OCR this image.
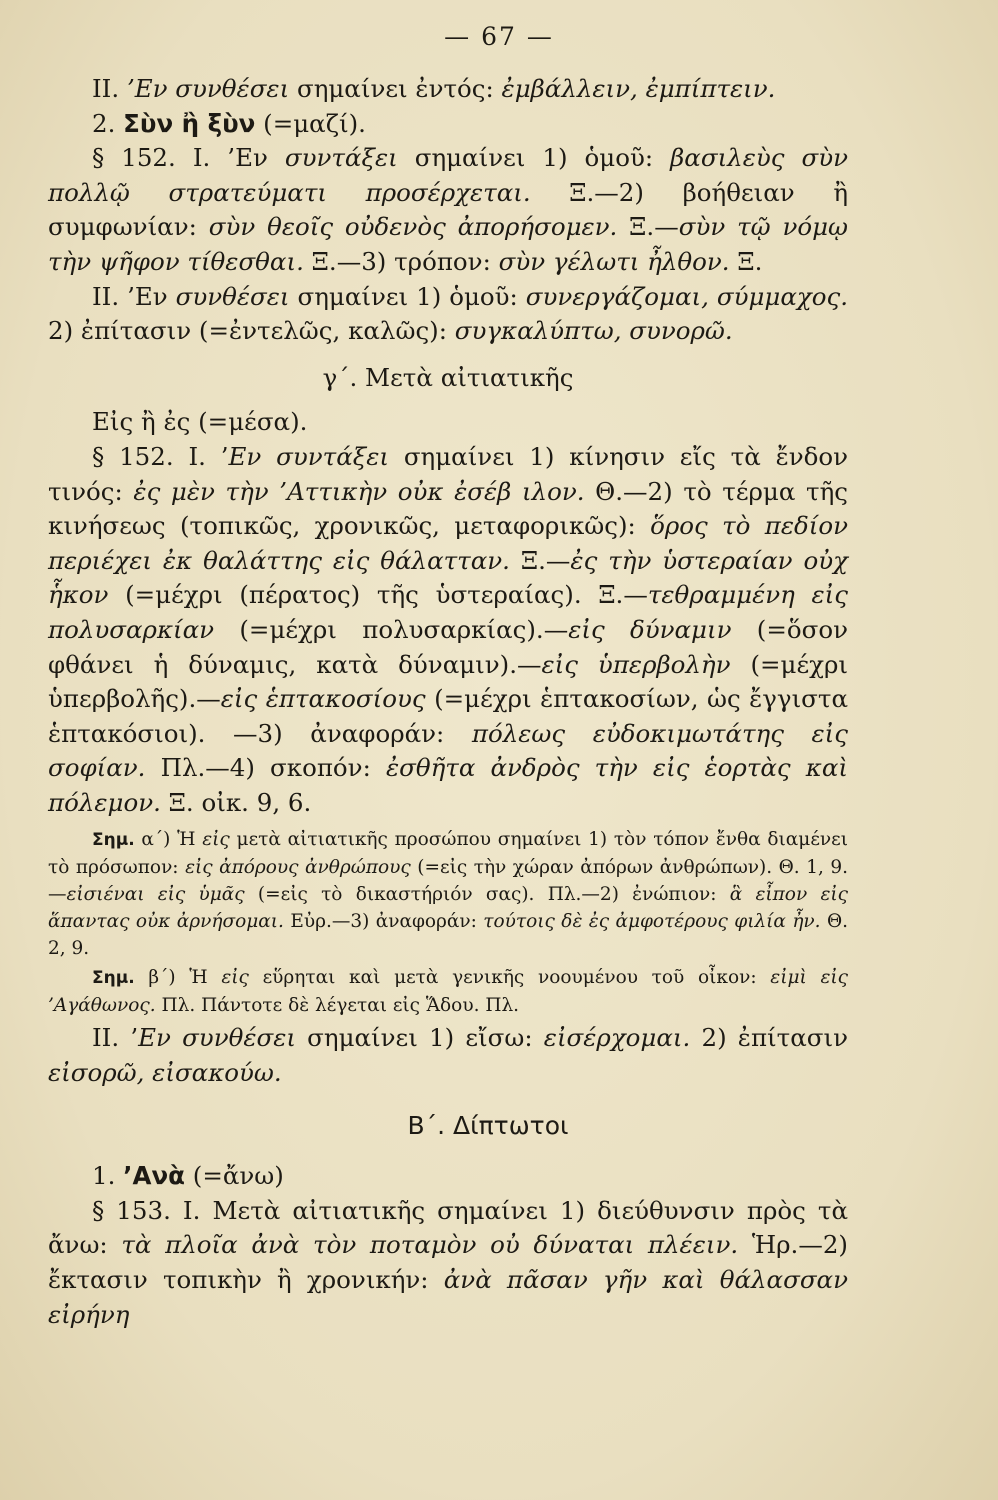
— 67 —

II. ’Εν συνθέσει σημαίνει ἐντός: ἐμβάλλειν, ἐμπίπτειν.

2. Σὺν ἢ ξὺν (=μαζί).

§ 152. I. ’Εν συντάξει σημαίνει 1) ὁμοῦ: βασιλεὺς σὺν πολλῷ στρατεύματι προσέρχεται. Ξ.—2) βοήθειαν ἢ συμφωνίαν: σὺν θεοῖς οὐδενὸς ἀπορήσομεν. Ξ.—σὺν τῷ νόμῳ τὴν ψῆφον τίθεσθαι. Ξ.—3) τρόπον: σὺν γέλωτι ἦλθον. Ξ.

II. ’Εν συνθέσει σημαίνει 1) ὁμοῦ: συνεργάζομαι, σύμμαχος. 2) ἐπίτασιν (=ἐντελῶς, καλῶς): συγκαλύπτω, συνορῶ.

γ΄. Μετὰ αἰτιατικῆς

Εἰς ἢ ἐς (=μέσα).

§ 152. I. ’Εν συντάξει σημαίνει 1) κίνησιν εἴς τὰ ἔνδον τινός: ἐς μὲν τὴν ’Αττικὴν οὐκ ἐσέβ ιλον. Θ.—2) τὸ τέρμα τῆς κινήσεως (τοπικῶς, χρονικῶς, μεταφορικῶς): ὅρος τὸ πεδίον περιέχει ἐκ θαλάττης εἰς θάλατταν. Ξ.—ἐς τὴν ὑστεραίαν οὐχ ἧκον (=μέχρι (πέρατος) τῆς ὑστεραίας). Ξ.—τεθραμμένη εἰς πολυσαρκίαν (=μέχρι πολυσαρκίας).—εἰς δύναμιν (=ὅσον φθάνει ἡ δύναμις, κατὰ δύναμιν).—εἰς ὑπερβολὴν (=μέχρι ὑπερβολῆς).—εἰς ἑπτακοσίους (=μέχρι ἑπτακοσίων, ὡς ἔγγιστα ἑπτακόσιοι). —3) ἀναφοράν: πόλεως εὐδοκιμωτάτης εἰς σοφίαν. Πλ.—4) σκοπόν: ἐσθῆτα ἀνδρὸς τὴν εἰς ἑορτὰς καὶ πόλεμον. Ξ. οἰκ. 9, 6.

Σημ. α΄) Ἡ εἰς μετὰ αἰτιατικῆς προσώπου σημαίνει 1) τὸν τόπον ἔνθα διαμένει τὸ πρόσωπον: εἰς ἀπόρους ἀνθρώπους (=εἰς τὴν χώραν ἀπόρων ἀνθρώπων). Θ. 1, 9.—εἰσιέναι εἰς ὑμᾶς (=εἰς τὸ δικαστήριόν σας). Πλ.—2) ἐνώπιον: ἃ εἶπον εἰς ἅπαντας οὐκ ἀρνήσομαι. Εὐρ.—3) ἀναφοράν: τούτοις δὲ ἐς ἀμφοτέρους φιλία ἦν. Θ. 2, 9.

Σημ. β΄) Ἡ εἰς εὕρηται καὶ μετὰ γενικῆς νοουμένου τοῦ οἶκον: εἰμὶ εἰς ’Αγάθωνος. Πλ. Πάντοτε δὲ λέγεται εἰς Ἅδου. Πλ.

II. ’Εν συνθέσει σημαίνει 1) εἴσω: εἰσέρχομαι. 2) ἐπίτασιν εἰσορῶ, εἰσακούω.

Β΄. Δίπτωτοι

1. ’Ανὰ (=ἄνω)

§ 153. I. Μετὰ αἰτιατικῆς σημαίνει 1) διεύθυνσιν πρὸς τὰ ἄνω: τὰ πλοῖα ἀνὰ τὸν ποταμὸν οὐ δύναται πλέειν. Ἡρ.—2) ἔκτασιν τοπικὴν ἢ χρονικήν: ἀνὰ πᾶσαν γῆν καὶ θάλασσαν εἰρήνη
